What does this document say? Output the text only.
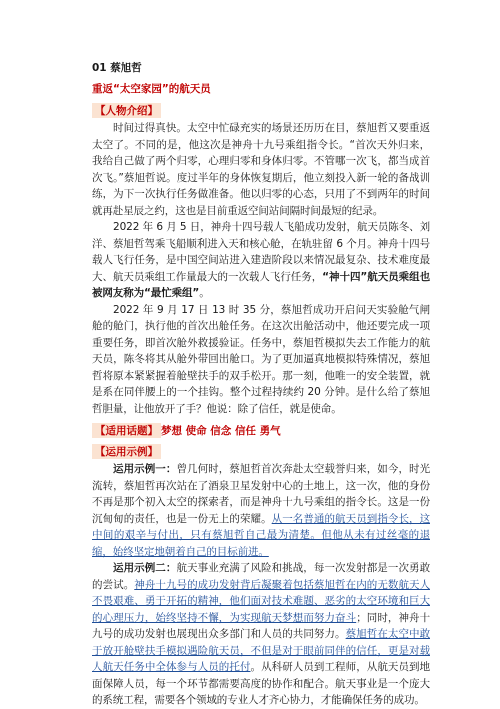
01 蔡旭哲
重返“太空家园”的航天员
【人物介绍】

时间过得真快。太空中忙碌充实的场景还历历在目，蔡旭哲又要重返太空了。不同的是，他这次是神舟十九号乘组指令长。“首次天外归来，我给自己做了两个归零，心理归零和身体归零。不管哪一次飞，都当成首次飞。”蔡旭哲说。度过半年的身体恢复期后，他立刻投入新一轮的备战训练，为下一次执行任务做准备。他以归零的心态，只用了不到两年的时间就再赴星辰之约，这也是目前重返空间站间隔时间最短的纪录。

2022 年 6 月 5 日，神舟十四号载人飞船成功发射，航天员陈冬、刘洋、蔡旭哲驾乘飞船顺利进入天和核心舱，在轨驻留 6 个月。神舟十四号载人飞行任务，是中国空间站进入建造阶段以来情况最复杂、技术难度最大、航天员乘组工作量最大的一次载人飞行任务，“神十四”航天员乘组也被网友称为“最忙乘组”。

2022 年 9 月 17 日 13 时 35 分，蔡旭哲成功开启问天实验舱气闸舱的舱门，执行他的首次出舱任务。在这次出舱活动中，他还要完成一项重要任务，即首次舱外救援验证。任务中，蔡旭哲模拟失去工作能力的航天员，陈冬将其从舱外带回出舱口。为了更加逼真地模拟特殊情况，蔡旭哲将原本紧紧握着舱壁扶手的双手松开。那一刻，他唯一的安全装置，就是系在同伴腰上的一个挂钩。整个过程持续约 20 分钟。是什么给了蔡旭哲胆量，让他放开了手？他说：除了信任，就是使命。

【适用话题】 梦想 使命 信念 信任 勇气
【运用示例】

运用示例一：曾几何时，蔡旭哲首次奔赴太空载誉归来，如今，时光流转，蔡旭哲再次站在了酒泉卫星发射中心的土地上，这一次，他的身份不再是那个初入太空的探索者，而是神舟十九号乘组的指令长。这是一份沉甸甸的责任，也是一份无上的荣耀。从一名普通的航天员到指令长，这中间的艰辛与付出，只有蔡旭哲自己最为清楚。但他从未有过丝毫的退缩，始终坚定地朝着自己的目标前进。

运用示例二：航天事业充满了风险和挑战，每一次发射都是一次勇敢的尝试。神舟十九号的成功发射背后凝聚着包括蔡旭哲在内的无数航天人不畏艰难、勇于开拓的精神，他们面对技术难题、恶劣的太空环境和巨大的心理压力，始终坚持不懈，为实现航天梦想而努力奋斗；同时，神舟十九号的成功发射也展现出众多部门和人员的共同努力。蔡旭哲在太空中敢于放开舱壁扶手模拟遇险航天员，不但是对于眼前同伴的信任，更是对载人航天任务中全体参与人员的托付。从科研人员到工程师，从航天员到地面保障人员，每一个环节都需要高度的协作和配合。航天事业是一个庞大的系统工程，需要各个领域的专业人才齐心协力，才能确保任务的成功。
